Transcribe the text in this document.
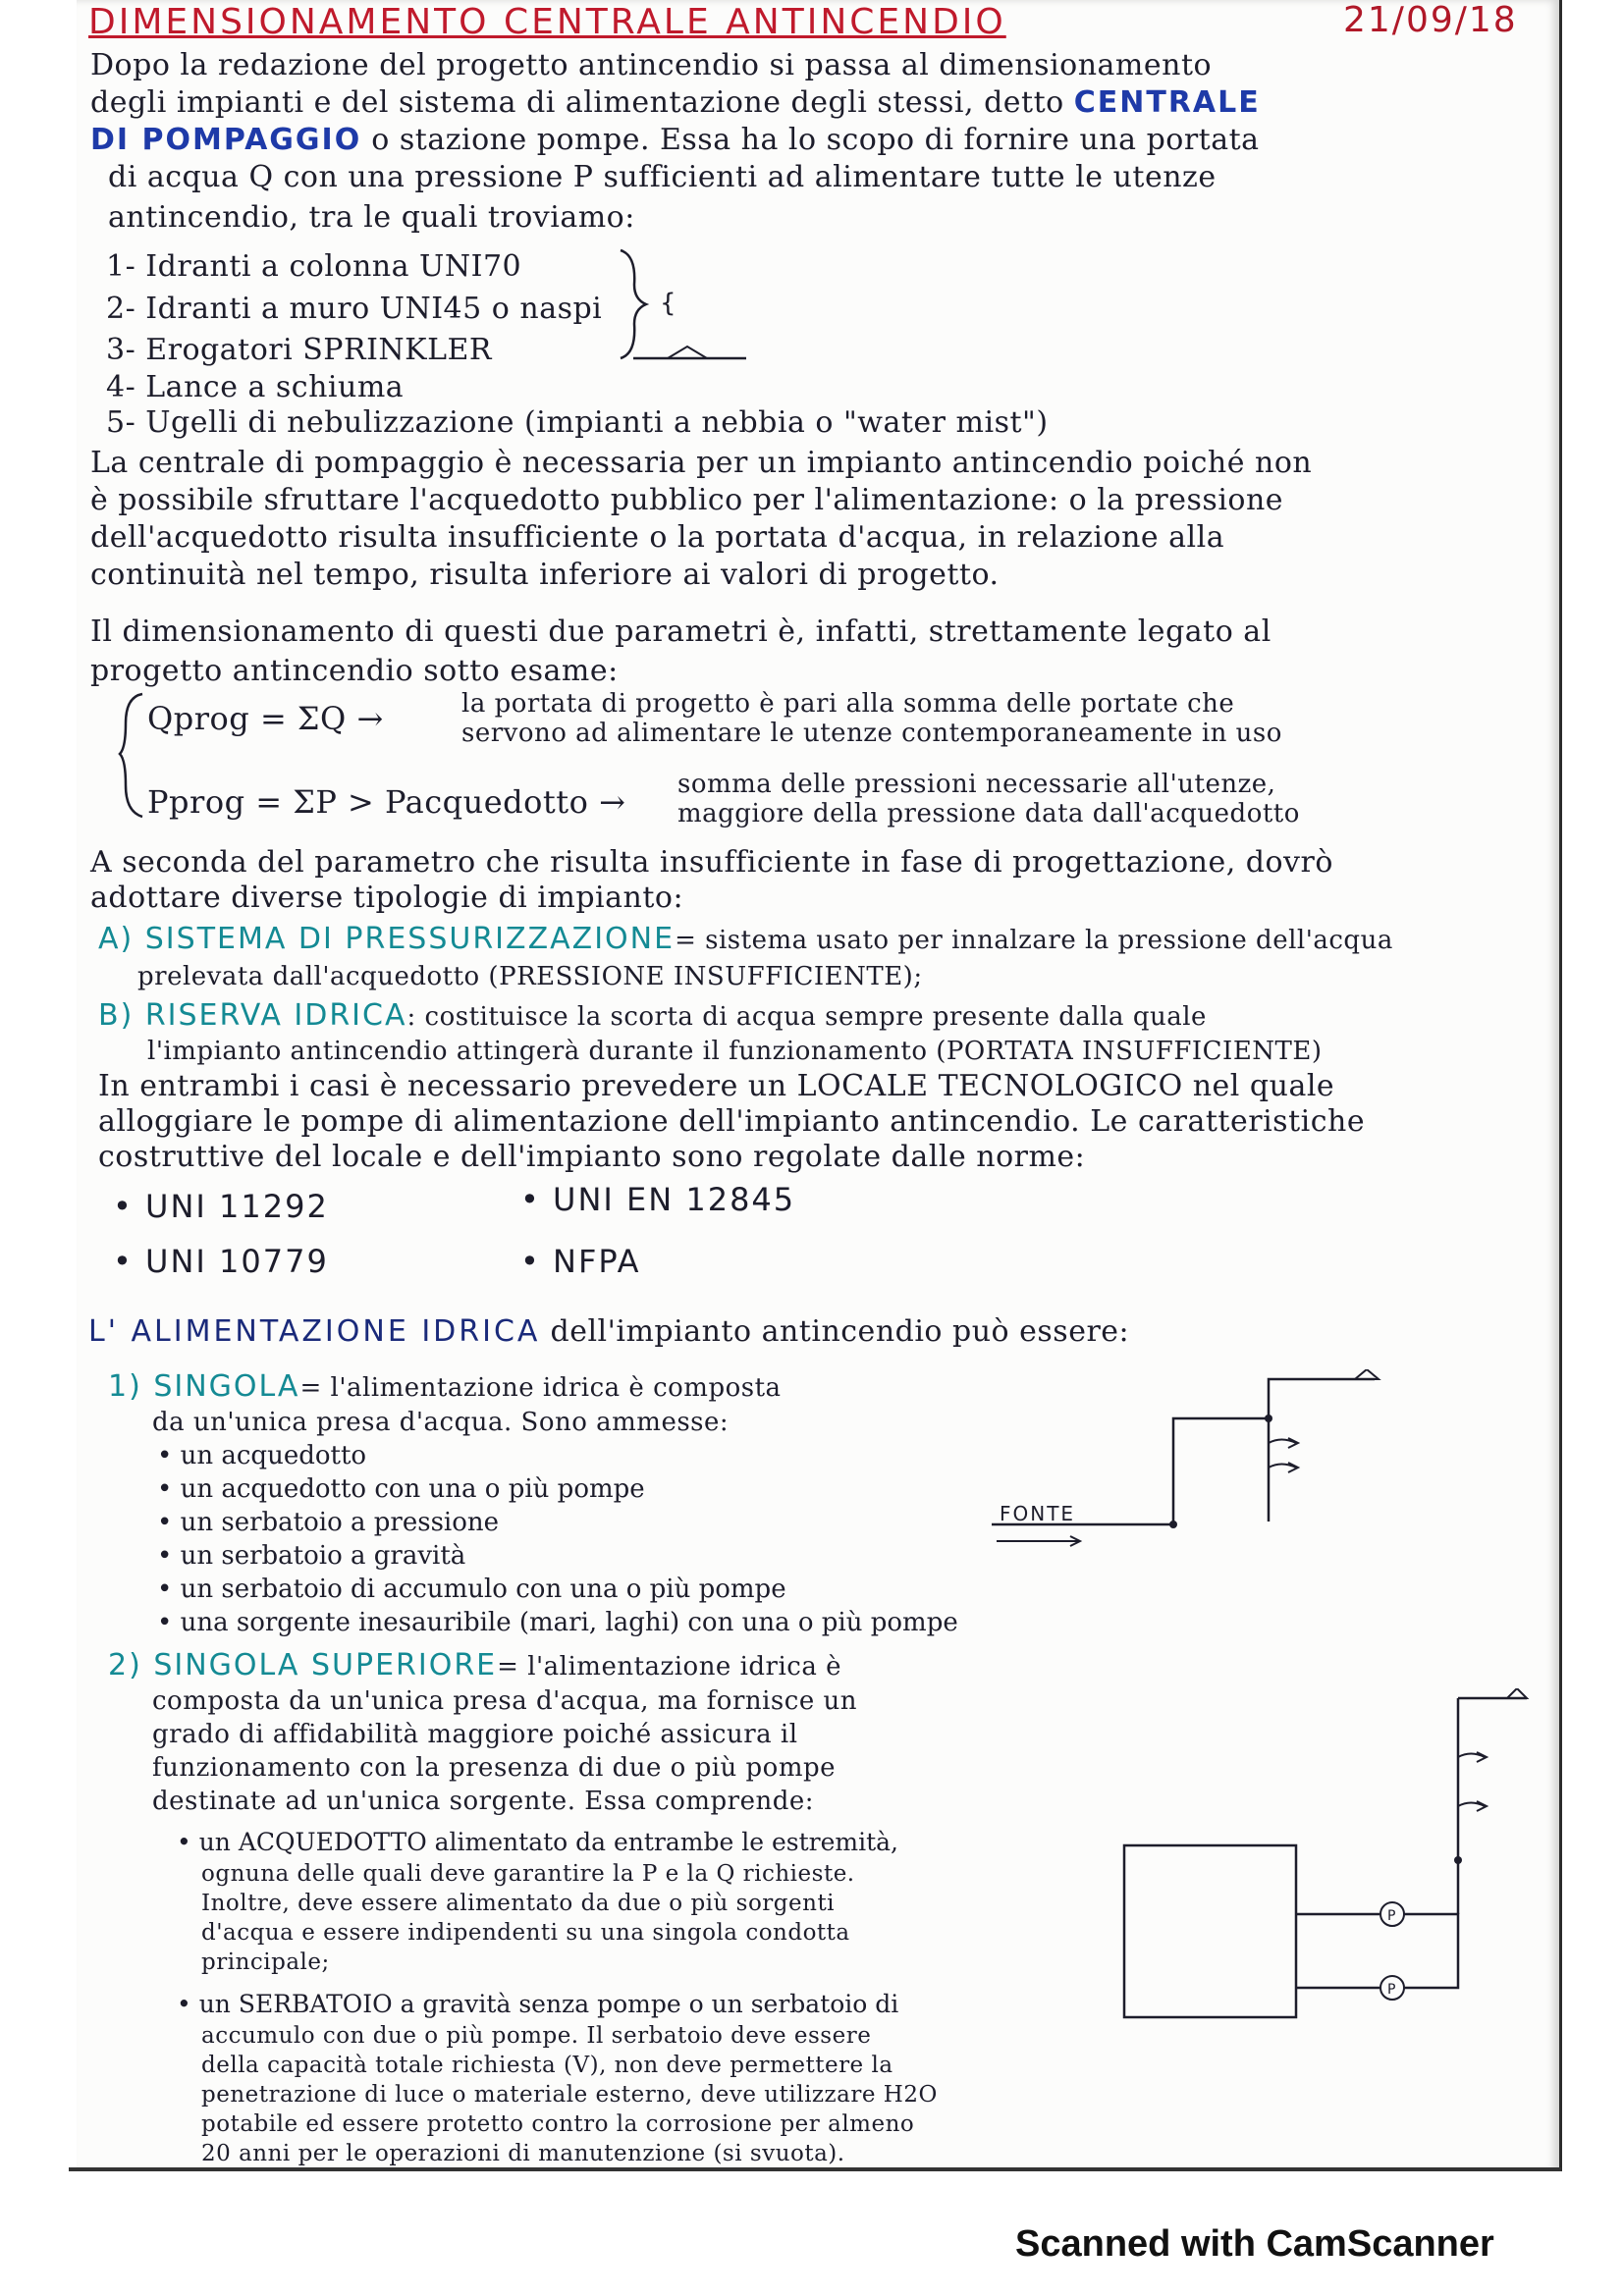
DIMENSIONAMENTO CENTRALE ANTINCENDIO	21/09/18
Dopo la redazione del progetto antincendio si passa al dimensionamento
degli impianti e del sistema di alimentazione degli stessi, detto CENTRALE
DI POMPAGGIO o stazione pompe. Essa ha lo scopo di fornire una portata
di acqua Q con una pressione P sufficienti ad alimentare tutte le utenze
antincendio, tra le quali troviamo:
1- Idranti a colonna UNI70
2- Idranti a muro UNI45 o naspi
3- Erogatori SPRINKLER
4- Lance a schiuma
5- Ugelli di nebulizzazione (impianti a nebbia o "water mist")
{
La centrale di pompaggio è necessaria per un impianto antincendio poiché non
è possibile sfruttare l'acquedotto pubblico per l'alimentazione: o la pressione
dell'acquedotto risulta insufficiente o la portata d'acqua, in relazione alla
continuità nel tempo, risulta inferiore ai valori di progetto.
Il dimensionamento di questi due parametri è, infatti, strettamente legato al
progetto antincendio sotto esame:
Qprog = ΣQ →	la portata di progetto è pari alla somma delle portate che
servono ad alimentare le utenze contemporaneamente in uso
Pprog = ΣP > Pacquedotto → somma delle pressioni necessarie all'utenze,
maggiore della pressione data dall'acquedotto
A seconda del parametro che risulta insufficiente in fase di progettazione, dovrò
adottare diverse tipologie di impianto:
A) SISTEMA DI PRESSURIZZAZIONE= sistema usato per innalzare la pressione dell'acqua
prelevata dall'acquedotto (PRESSIONE INSUFFICIENTE);
B) RISERVA IDRICA: costituisce la scorta di acqua sempre presente dalla quale
l'impianto antincendio attingerà durante il funzionamento (PORTATA INSUFFICIENTE)
In entrambi i casi è necessario prevedere un LOCALE TECNOLOGICO nel quale
alloggiare le pompe di alimentazione dell'impianto antincendio. Le caratteristiche
costruttive del locale e dell'impianto sono regolate dalle norme:
• UNI 11292	• UNI EN 12845
• UNI 10779	• NFPA
L' ALIMENTAZIONE IDRICA dell'impianto antincendio può essere:
1) SINGOLA= l'alimentazione idrica è composta
da un'unica presa d'acqua. Sono ammesse:
• un acquedotto
• un acquedotto con una o più pompe
• un serbatoio a pressione
• un serbatoio a gravità
• un serbatoio di accumulo con una o più pompe
• una sorgente inesauribile (mari, laghi) con una o più pompe
FONTE
2) SINGOLA SUPERIORE= l'alimentazione idrica è
composta da un'unica presa d'acqua, ma fornisce un
grado di affidabilità maggiore poiché assicura il
funzionamento con la presenza di due o più pompe
destinate ad un'unica sorgente. Essa comprende:
• un ACQUEDOTTO alimentato da entrambe le estremità,
ognuna delle quali deve garantire la P e la Q richieste.
Inoltre, deve essere alimentato da due o più sorgenti
d'acqua e essere indipendenti su una singola condotta
principale;
• un SERBATOIO a gravità senza pompe o un serbatoio di
accumulo con due o più pompe. Il serbatoio deve essere
della capacità totale richiesta (V), non deve permettere la
penetrazione di luce o materiale esterno, deve utilizzare H2O
potabile ed essere protetto contro la corrosione per almeno
20 anni per le operazioni di manutenzione (si svuota).
P
P
Scanned with CamScanner
